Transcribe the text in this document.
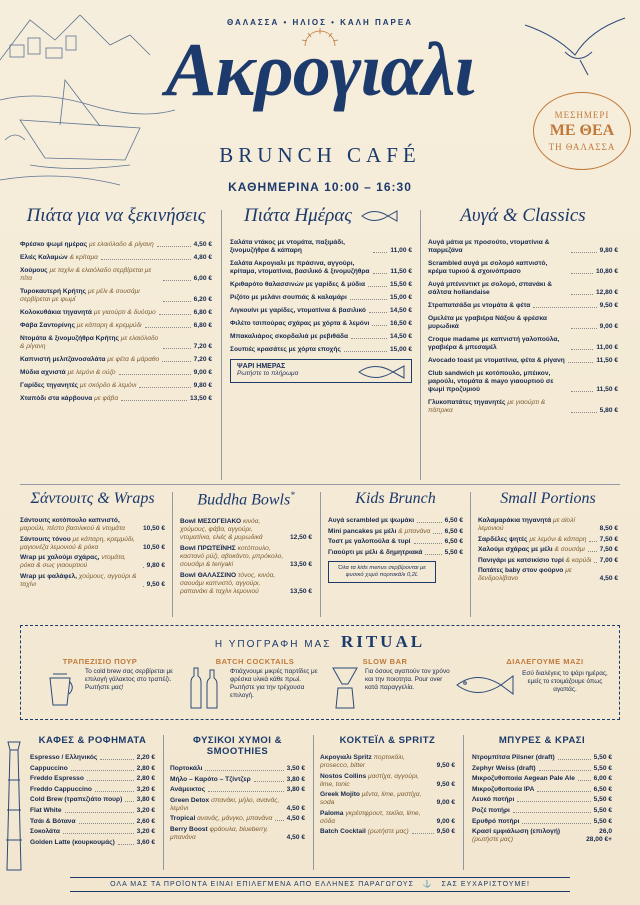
ΘΑΛΑΣΣΑ • ΗΛΙΟΣ • ΚΑΛΗ ΠΑΡΕΑ
Ακρογιαλι
BRUNCH CAFÉ
ΚΑΘΗΜΕΡΙΝΑ 10:00 – 16:30
ΜΕΣΗΜΕΡΙ
ΜΕ ΘΕΑ
ΤΗ ΘΑΛΑΣΣΑ
Πιάτα για να ξεκινήσεις
Φρέσκο ψωμί ημέρας με ελαιόλαδο & ρίγανη	4,50 €
Ελιές Καλαμών & κρίταμα	4,80 €
Χούμους με ταχίνι & ελαιόλαδο σερβίρεται με πίτα	6,00 €
Τυροκαυτερή Κρήτης με μέλι & σουσάμι σερβίρεται με ψωμί	6,20 €
Κολοκυθάκια τηγανητά με γιαούρτι & δυόσμο	6,80 €
Φάβα Σαντορίνης με κάπαρη & κρεμμύδι	6,80 €
Ντομάτα & ξινομυζήθρα Κρήτης με ελαιόλαδο & ρίγανη	7,20 €
Καπνιστή μελιτζανοσαλάτα με φέτα & μάραθο	7,20 €
Μύδια αχνιστά με λεμόνι & ούζο	9,00 €
Γαρίδες τηγανητές με σκόρδο & λεμόνι	9,80 €
Χταπόδι στα κάρβουνα με φάβα	13,50 €
Πιάτα Ημέρας
Σαλάτα ντάκος με ντομάτα, παξιμάδι, ξινομυζήθρα & κάπαρη	11,00 €
Σαλάτα Ακρογιαλι με πράσινα, αγγούρι, κρίταμα, ντοματίνια, βασιλικό & ξινομυζήθρα	11,50 €
Κριθαρότο θαλασσινών με γαρίδες & μύδια	15,50 €
Ριζότο με μελάνι σουπιάς & καλαμάρι	15,00 €
Λιγκουίνι με γαρίδες, ντοματίνια & βασιλικό	14,50 €
Φιλέτο τσιπούρας σχάρας με χόρτα & λεμόνι	16,50 €
Μπακαλιάρος σκορδαλιά με ρεβιθάδα	14,50 €
Σουπιές κρασάτες με χόρτα εποχής	15,00 €
ΨΑΡΙ ΗΜΕΡΑΣ
Ρωτήστε το πλήρωμα
Αυγά & Classics
Αυγά μάτια με προσούτο, ντοματίνια & παρμεζάνα	9,80 €
Scrambled αυγά με σολομό καπνιστό, κρέμα τυριού & σχοινόπρασο	10,80 €
Αυγά μπένεντικτ με σολομό, σπανάκι & σάλτσα hollandaise	12,80 €
Στραπατσάδα με ντομάτα & φέτα	9,50 €
Ομελέτα με γραβιέρα Νάξου & φρέσκα μυρωδικά	9,00 €
Croque madame με καπνιστή γαλοπούλα, γραβιέρα & μπεσαμέλ	11,00 €
Avocado toast με ντοματίνια, φέτα & ρίγανη	11,50 €
Club sandwich με κοτόπουλο, μπέικον, μαρούλι, ντομάτα & mayo γιαουρτιού σε ψωμί προζυμιού	11,50 €
Γλυκοπατάτες τηγανητές με γιαούρτι & πάπρικα	5,80 €
Σάντουιτς & Wraps
Σάντουιτς κοτόπουλο καπνιστό, μαρούλι, πέστο βασιλικού & ντομάτα	10,50 €
Σάντουιτς τόνου με κάπαρη, κρεμμύδι, μαγιονέζα λεμονιού & ρόκα	10,50 €
Wrap με χαλούμι σχάρας, ντομάτα, ρόκα & σως γιαουρτιού	9,80 €
Wrap με φαλάφελ, χούμους, αγγούρι & ταχίνι	9,50 €
Buddha Bowls*
Bowl ΜΕΣΟΓΕΙΑΚΟ κινόα, χούμους, φάβα, αγγούρι, ντοματίνια, ελιές & μυρωδικά	12,50 €
Bowl ΠΡΩΤΕΪΝΗΣ κοτόπουλο, καστανό ρύζι, αβοκάντο, μπρόκολο, σουσάμι & teriyaki	13,50 €
Bowl ΘΑΛΑΣΣΙΝΟ τόνος, κινόα, σαουάμι καπνιστό, αγγούρι, ραπανάκι & ταχίνι λεμονιού	13,50 €
Kids Brunch
Αυγά scrambled με ψωμάκι	6,50 €
Mini pancakes με μέλι & μπανάνα 6,50 €
Τοστ με γαλοπούλα & τυρί	6,50 €
Γιαούρτι με μέλι & δημητριακά	5,50 €
Όλα τα kids menus σερβίρονται με φυσικό χυμό πορτοκάλι 0,2L
Small Portions
Καλαμαράκια τηγανητά με αϊολί λεμονιού	8,50 €
Σαρδέλες ψητές με λεμόνι & κάπαρη 7,50 €
Χαλούμι σχάρας με μέλι & σουσάμι 7,50 €
Πανιγάρι με κατσικίσιο τυρί & καρύδι 7,00 €
Πατάτες baby στον φούρνο με δενδρολίβανο	4,50 €
Η ΥΠΟΓΡΑΦΗ ΜΑΣ RITUAL
ΤΡΑΠΕΖΙΣΙΟ ΠΟΥΡ
Το cold brew σας σερβίρεται με επιλογή γάλακτος στο τραπέζι. Ρωτήστε μας!
BATCH COCKTAILS
Φτιάχνουμε μικρές παρτίδες με φρέσκα υλικά κάθε πρωί. Ρωτήστε για την τρέχουσα επιλογή.
SLOW BAR
Για όσους αγαπούν τον χρόνο και την ποιοτητα. Pour over κατά παραγγελία.
ΔΙΑΛΕΓΟΥΜΕ ΜΑΖΙ
Εσύ διαλέγεις το ψάρι ημέρας, εμείς το ετοιμάζουμε όπως αγαπάς.
ΚΑΦΕΣ & ΡΟΦΗΜΑΤΑ
Espresso / Ελληνικός	2,20 €
Cappuccino	2,80 €
Freddo Espresso	2,80 €
Freddo Cappuccino	3,20 €
Cold Brew (τραπεζιάτο πουρ) 3,80 €
Flat White	3,20 €
Τσάι & Βότανα	2,60 €
Σοκολάτα	3,20 €
Golden Latte (κουρκουμάς)	3,60 €
ΦΥΣΙΚΟΙ ΧΥΜΟΙ & SMOOTHIES
Πορτοκάλι	3,50 €
Μήλο – Καρότο – Τζίντζερ	3,80 €
Ανάμεικτος	3,80 €
Green Detox σπανάκι, μήλο, ανανάς, λεμόνι	4,50 €
Tropical ανανάς, μάνγκο, μπανάνα 4,50 €
Berry Boost φράουλα, blueberry, μπανάνα	4,50 €
ΚΟΚΤΕΪΛ & SPRITZ
Ακρογιαλι Spritz πορτοκάλι, prosecco, bitter	9,50 €
Nostos Collins μαστίχα, αγγούρι, lime, tonic	9,50 €
Greek Mojito μέντα, lime, μαστίχα, soda	9,00 €
Paloma γκρέιπφρουτ, τεκίλα, lime, σόδα	9,00 €
Batch Cocktail (ρωτήστε μας)	9,50 €
ΜΠΥΡΕΣ & ΚΡΑΣΙ
Ντρομπίτσα Pilsner (draft)	5,50 €
Zephyr Weiss (draft)	5,50 €
Μικροζυθοποιία Aegean Pale Ale	6,00 €
Μικροζυθοποιία IPA	6,50 €
Λευκό ποτήρι	5,50 €
Ροζέ ποτήρι	5,50 €
Ερυθρό ποτήρι	5,50 €
Κρασί εμφιάλωση (επιλογή)
(ρωτήστε μας)
26,0
28,00 €+
ΟΛΑ ΜΑΣ ΤΑ ΠΡΟΪΟΝΤΑ ΕΙΝΑΙ ΕΠΙΛΕΓΜΕΝΑ ΑΠΟ ΕΛΛΗΝΕΣ ΠΑΡΑΓΩΓΟΥΣ ⚓ ΣΑΣ ΕΥΧΑΡΙΣΤΟΥΜΕ!
